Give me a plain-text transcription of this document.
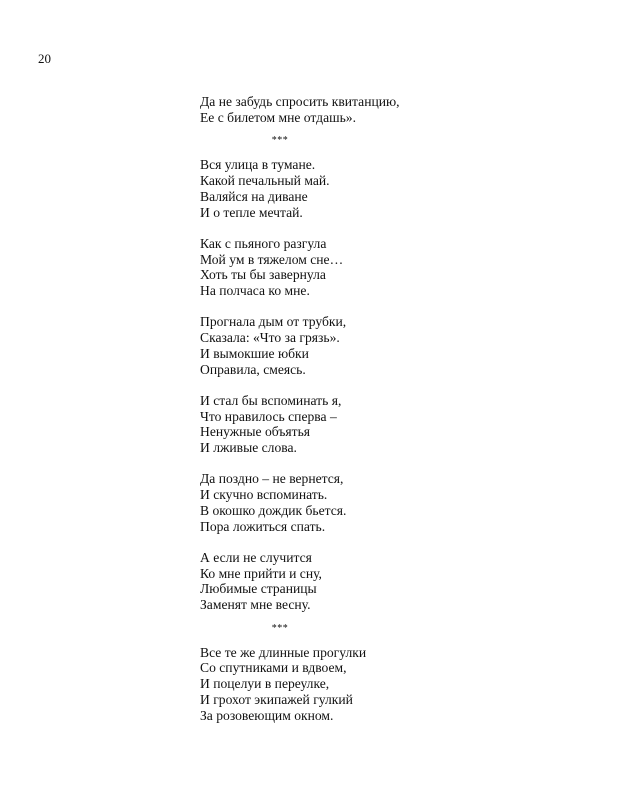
20
Да не забудь спросить квитанцию,
Ее с билетом мне отдашь».
***
Вся улица в тумане.
Какой печальный май.
Валяйся на диване
И о тепле мечтай.
Как с пьяного разгула
Мой ум в тяжелом сне…
Хоть ты бы завернула
На полчаса ко мне.
Прогнала дым от трубки,
Сказала: «Что за грязь».
И вымокшие юбки
Оправила, смеясь.
И стал бы вспоминать я,
Что нравилось сперва –
Ненужные объятья
И лживые слова.
Да поздно – не вернется,
И скучно вспоминать.
В окошко дождик бьется.
Пора ложиться спать.
А если не случится
Ко мне прийти и сну,
Любимые страницы
Заменят мне весну.
***
Все те же длинные прогулки
Со спутниками и вдвоем,
И поцелуи в переулке,
И грохот экипажей гулкий
За розовеющим окном.
